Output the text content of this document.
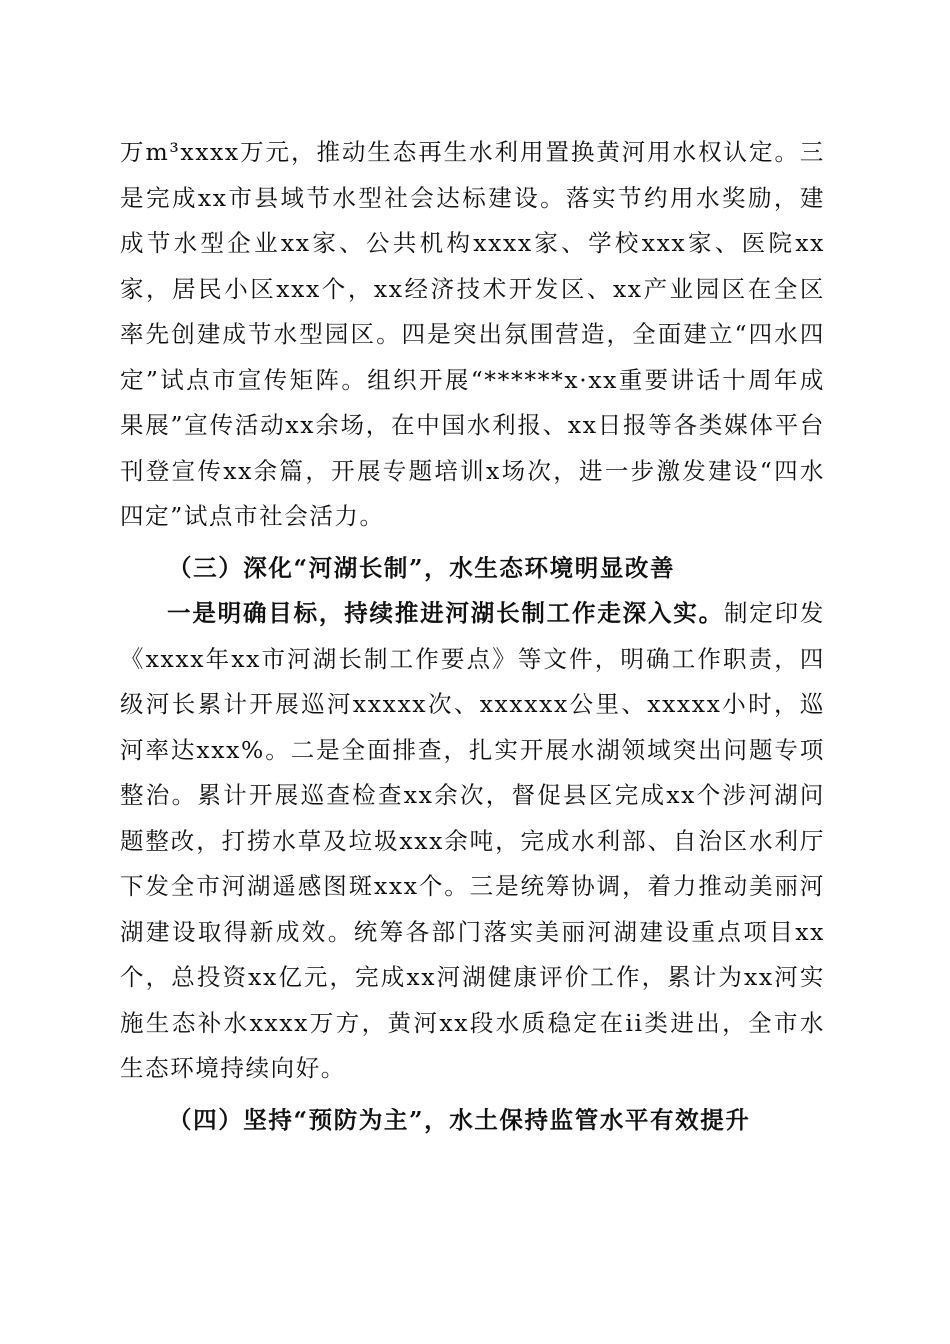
万m³xxxx万元，推动生态再生水利用置换黄河用水权认定。三是完成xx市县域节水型社会达标建设。落实节约用水奖励，建成节水型企业xx家、公共机构xxxx家、学校xxx家、医院xx家，居民小区xxx个，xx经济技术开发区、xx产业园区在全区率先创建成节水型园区。四是突出氛围营造，全面建立“四水四定”试点市宣传矩阵。组织开展“******x·xx重要讲话十周年成果展”宣传活动xx余场，在中国水利报、xx日报等各类媒体平台刊登宣传xx余篇，开展专题培训x场次，进一步激发建设“四水四定”试点市社会活力。

（三）深化“河湖长制”，水生态环境明显改善

一是明确目标，持续推进河湖长制工作走深入实。制定印发《xxxx年xx市河湖长制工作要点》等文件，明确工作职责，四级河长累计开展巡河xxxxx次、xxxxxx公里、xxxxx小时，巡河率达xxx%。二是全面排查，扎实开展水湖领域突出问题专项整治。累计开展巡查检查xx余次，督促县区完成xx个涉河湖问题整改，打捞水草及垃圾xxx余吨，完成水利部、自治区水利厅下发全市河湖遥感图斑xxx个。三是统筹协调，着力推动美丽河湖建设取得新成效。统筹各部门落实美丽河湖建设重点项目xx个，总投资xx亿元，完成xx河湖健康评价工作，累计为xx河实施生态补水xxxx万方，黄河xx段水质稳定在ii类进出，全市水生态环境持续向好。

（四）坚持“预防为主”，水土保持监管水平有效提升
